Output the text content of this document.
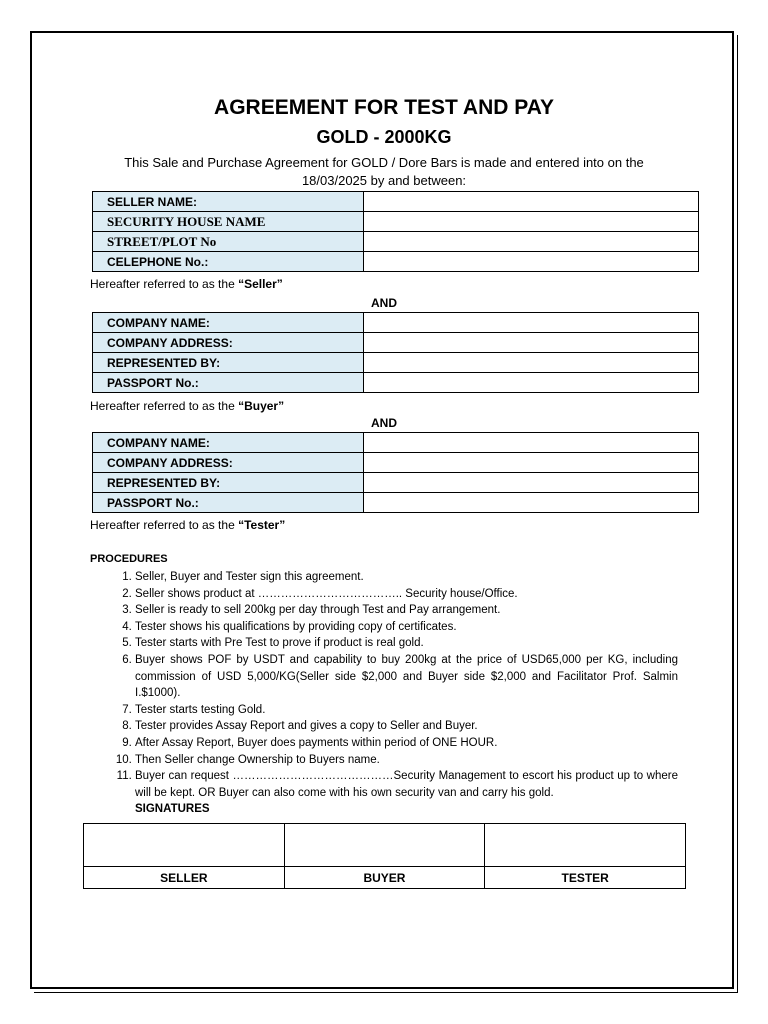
AGREEMENT FOR TEST AND PAY
GOLD - 2000KG
This Sale and Purchase Agreement for GOLD / Dore Bars is made and entered into on the 18/03/2025 by and between:
SELLER NAME:	
SECURITY HOUSE NAME	
STREET/PLOT No	
CELEPHONE No.:	
Hereafter referred to as the “Seller”
AND
COMPANY NAME:	
COMPANY ADDRESS:	
REPRESENTED BY:	
PASSPORT No.:	
Hereafter referred to as the “Buyer”
AND
COMPANY NAME:	
COMPANY ADDRESS:	
REPRESENTED BY:	
PASSPORT No.:	
Hereafter referred to as the “Tester”
PROCEDURES
1. Seller, Buyer and Tester sign this agreement.
2. Seller shows product at ……………………………….. Security house/Office.
3. Seller is ready to sell 200kg per day through Test and Pay arrangement.
4. Tester shows his qualifications by providing copy of certificates.
5. Tester starts with Pre Test to prove if product is real gold.
6. Buyer shows POF by USDT and capability to buy 200kg at the price of USD65,000 per KG, including commission of USD 5,000/KG(Seller side $2,000 and Buyer side $2,000 and Facilitator Prof. Salmin I.$1000).
7. Tester starts testing Gold.
8. Tester provides Assay Report and gives a copy to Seller and Buyer.
9. After Assay Report, Buyer does payments within period of ONE HOUR.
10. Then Seller change Ownership to Buyers name.
11. Buyer can request ……………………………………Security Management to escort his product up to where will be kept. OR Buyer can also come with his own security van and carry his gold.
SIGNATURES

SELLER	BUYER	TESTER
